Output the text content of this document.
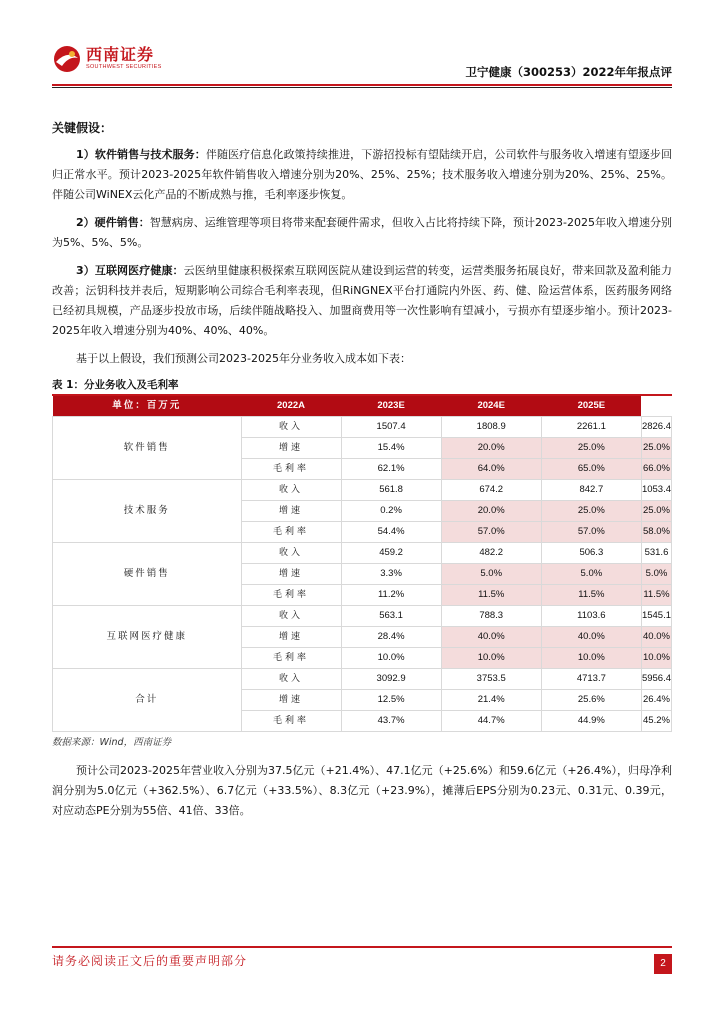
西南证券
SOUTHWEST SECURITIES	卫宁健康（300253）2022年年报点评
关键假设：

1）软件销售与技术服务：伴随医疗信息化政策持续推进，下游招投标有望陆续开启，公司软件与服务收入增速有望逐步回归正常水平。预计2023-2025年软件销售收入增速分别为20%、25%、25%；技术服务收入增速分别为20%、25%、25%。伴随公司WiNEX云化产品的不断成熟与推，毛利率逐步恢复。

2）硬件销售：智慧病房、运维管理等项目将带来配套硬件需求，但收入占比将持续下降，预计2023-2025年收入增速分别为5%、5%、5%。

3）互联网医疗健康：云医纳里健康积极探索互联网医院从建设到运营的转变，运营类服务拓展良好，带来回款及盈利能力改善；沄钥科技并表后，短期影响公司综合毛利率表现，但RiNGNEX平台打通院内外医、药、健、险运营体系，医药服务网络已经初具规模，产品逐步投放市场，后续伴随战略投入、加盟商费用等一次性影响有望减小，亏损亦有望逐步缩小。预计2023-2025年收入增速分别为40%、40%、40%。

基于以上假设，我们预测公司2023-2025年分业务收入成本如下表：

表 1：分业务收入及毛利率
单位：百万元	2022A	2023E	2024E	2025E	
软件销售	收入	1507.4	1808.9	2261.1	2826.4
	增速	15.4%	20.0%	25.0%	25.0%
	毛利率	62.1%	64.0%	65.0%	66.0%
技术服务	收入	561.8	674.2	842.7	1053.4
	增速	0.2%	20.0%	25.0%	25.0%
	毛利率	54.4%	57.0%	57.0%	58.0%
硬件销售	收入	459.2	482.2	506.3	531.6
	增速	3.3%	5.0%	5.0%	5.0%
	毛利率	11.2%	11.5%	11.5%	11.5%
互联网医疗健康	收入	563.1	788.3	1103.6	1545.1
	增速	28.4%	40.0%	40.0%	40.0%
	毛利率	10.0%	10.0%	10.0%	10.0%
合计	收入	3092.9	3753.5	4713.7	5956.4
	增速	12.5%	21.4%	25.6%	26.4%
	毛利率	43.7%	44.7%	44.9%	45.2%
数据来源：Wind，西南证券

预计公司2023-2025年营业收入分别为37.5亿元（+21.4%）、47.1亿元（+25.6%）和59.6亿元（+26.4%），归母净利润分别为5.0亿元（+362.5%）、6.7亿元（+33.5%）、8.3亿元（+23.9%），摊薄后EPS分别为0.23元、0.31元、0.39元，对应动态PE分别为55倍、41倍、33倍。

请务必阅读正文后的重要声明部分	2
